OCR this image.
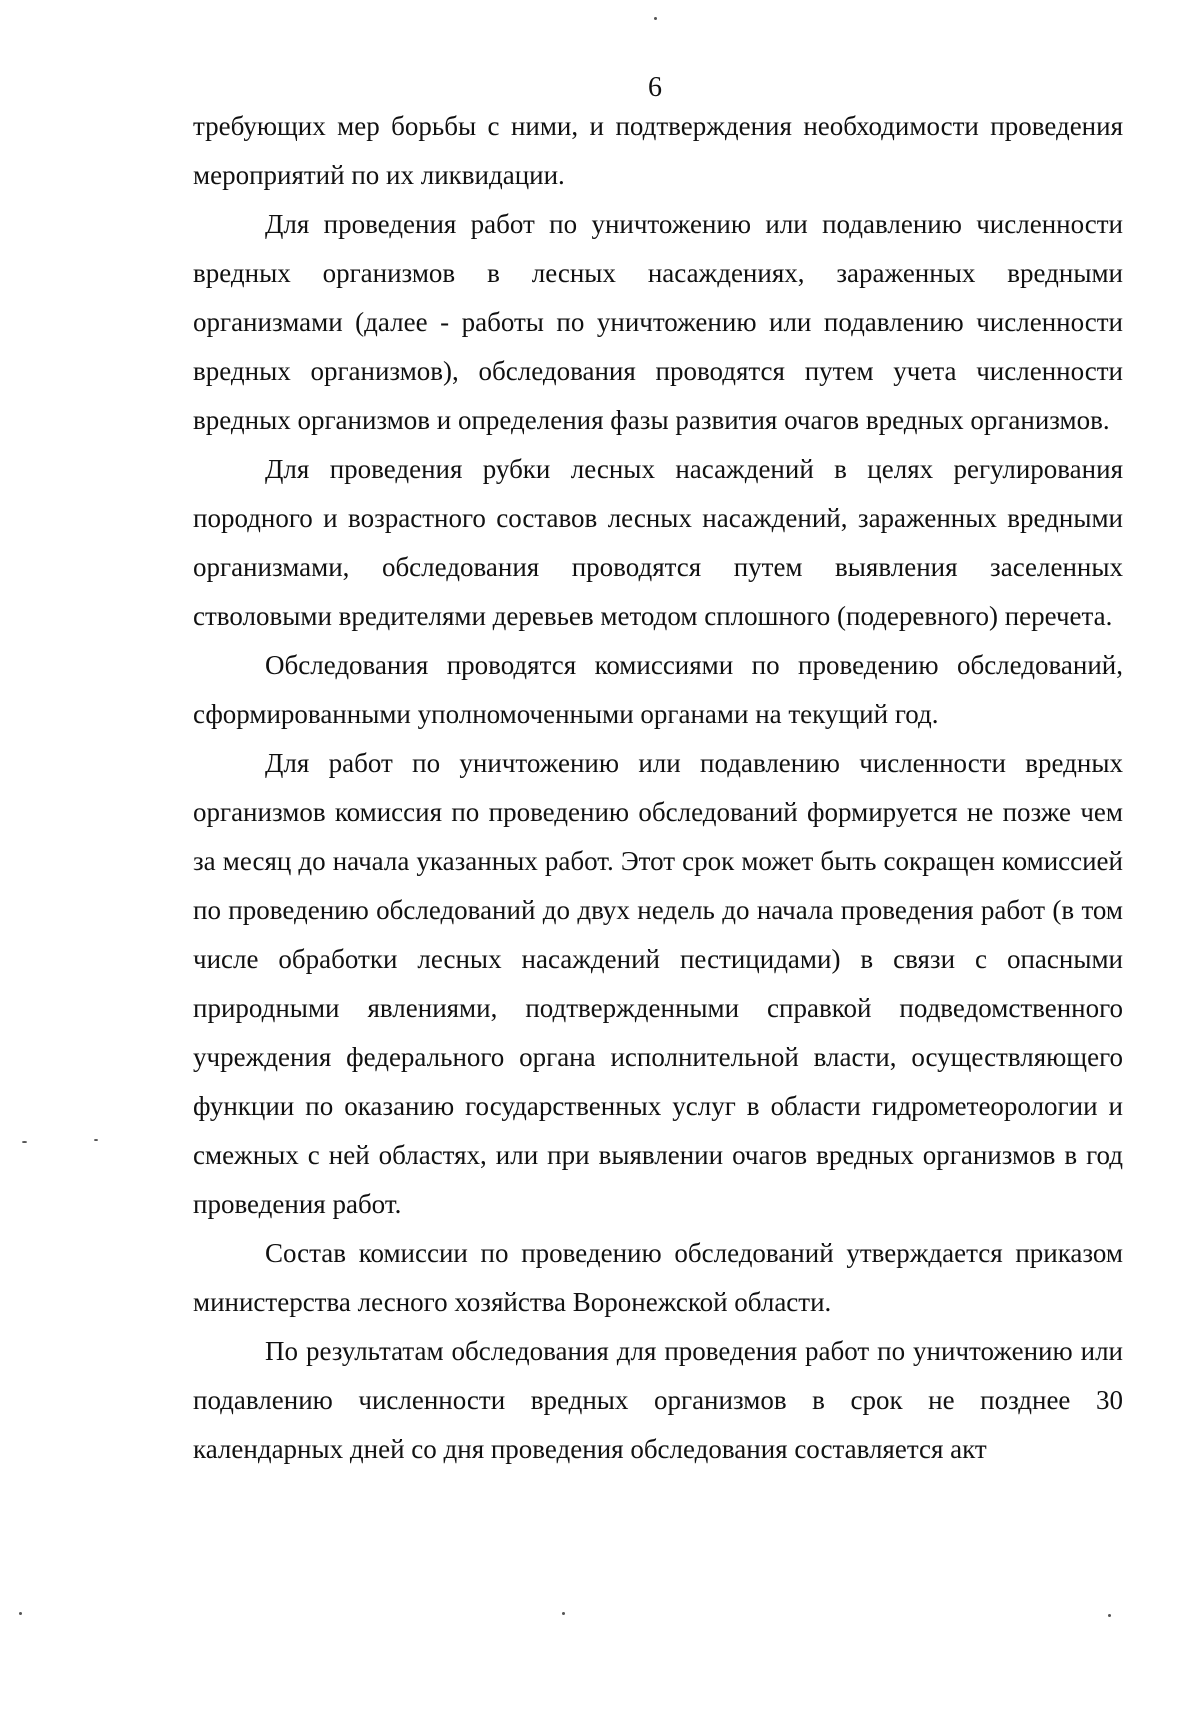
6

требующих мер борьбы с ними, и подтверждения необходимости проведения мероприятий по их ликвидации.

Для проведения работ по уничтожению или подавлению численности вредных организмов в лесных насаждениях, зараженных вредными организмами (далее - работы по уничтожению или подавлению численности вредных организмов), обследования проводятся путем учета численности вредных организмов и определения фазы развития очагов вредных организмов.

Для проведения рубки лесных насаждений в целях регулирования породного и возрастного составов лесных насаждений, зараженных вредными организмами, обследования проводятся путем выявления заселенных стволовыми вредителями деревьев методом сплошного (подеревного) перечета.

Обследования проводятся комиссиями по проведению обследований, сформированными уполномоченными органами на текущий год.

Для работ по уничтожению или подавлению численности вредных организмов комиссия по проведению обследований формируется не позже чем за месяц до начала указанных работ. Этот срок может быть сокращен комиссией по проведению обследований до двух недель до начала проведения работ (в том числе обработки лесных насаждений пестицидами) в связи с опасными природными явлениями, подтвержденными справкой подведомственного учреждения федерального органа исполнительной власти, осуществляющего функции по оказанию государственных услуг в области гидрометеорологии и смежных с ней областях, или при выявлении очагов вредных организмов в год проведения работ.

Состав комиссии по проведению обследований утверждается приказом министерства лесного хозяйства Воронежской области.

По результатам обследования для проведения работ по уничтожению или подавлению численности вредных организмов в срок не позднее 30 календарных дней со дня проведения обследования составляется акт
